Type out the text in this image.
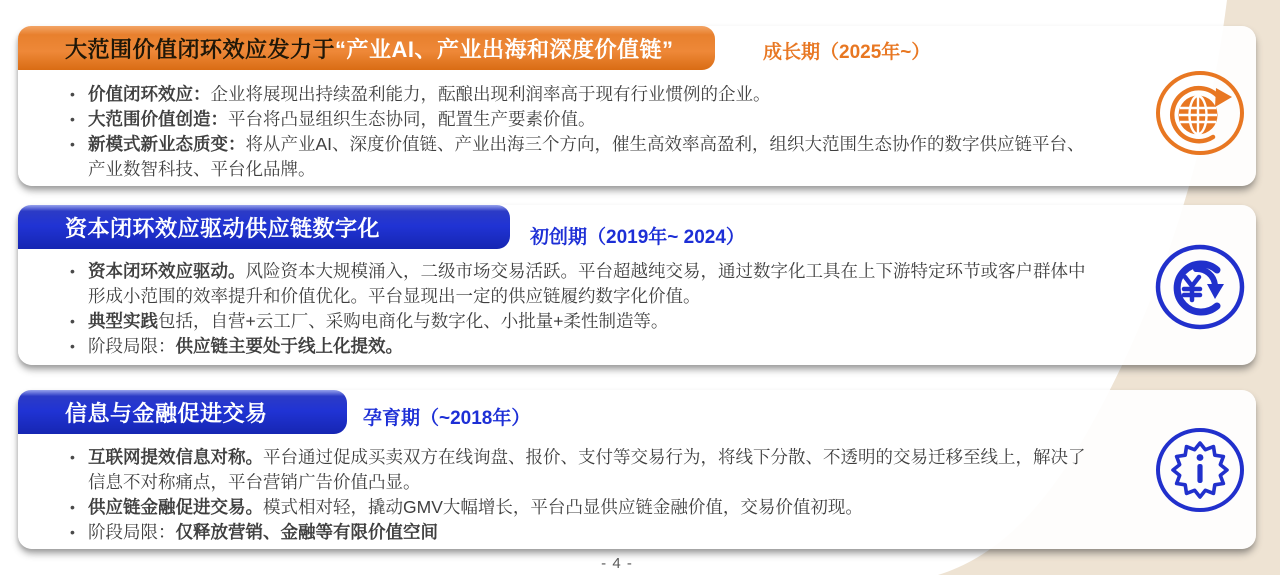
大范围价值闭环效应发力于“产业AI、产业出海和深度价值链”	成长期（2025年~）
• 价值闭环效应：企业将展现出持续盈利能力，酝酿出现利润率高于现有行业惯例的企业。
• 大范围价值创造：平台将凸显组织生态协同，配置生产要素价值。
• 新模式新业态质变：将从产业AI、深度价值链、产业出海三个方向，催生高效率高盈利，组织大范围生态协作的数字供应链平台、产业数智科技、平台化品牌。
资本闭环效应驱动供应链数字化	初创期（2019年~ 2024）
• 资本闭环效应驱动。风险资本大规模涌入，二级市场交易活跃。平台超越纯交易，通过数字化工具在上下游特定环节或客户群体中形成小范围的效率提升和价值优化。平台显现出一定的供应链履约数字化价值。
• 典型实践包括，自营+云工厂、采购电商化与数字化、小批量+柔性制造等。
• 阶段局限：供应链主要处于线上化提效。
信息与金融促进交易	孕育期（~2018年）
• 互联网提效信息对称。平台通过促成买卖双方在线询盘、报价、支付等交易行为，将线下分散、不透明的交易迁移至线上，解决了信息不对称痛点，平台营销广告价值凸显。
• 供应链金融促进交易。模式相对轻，撬动GMV大幅增长，平台凸显供应链金融价值，交易价值初现。
• 阶段局限：仅释放营销、金融等有限价值空间
- 4 -
